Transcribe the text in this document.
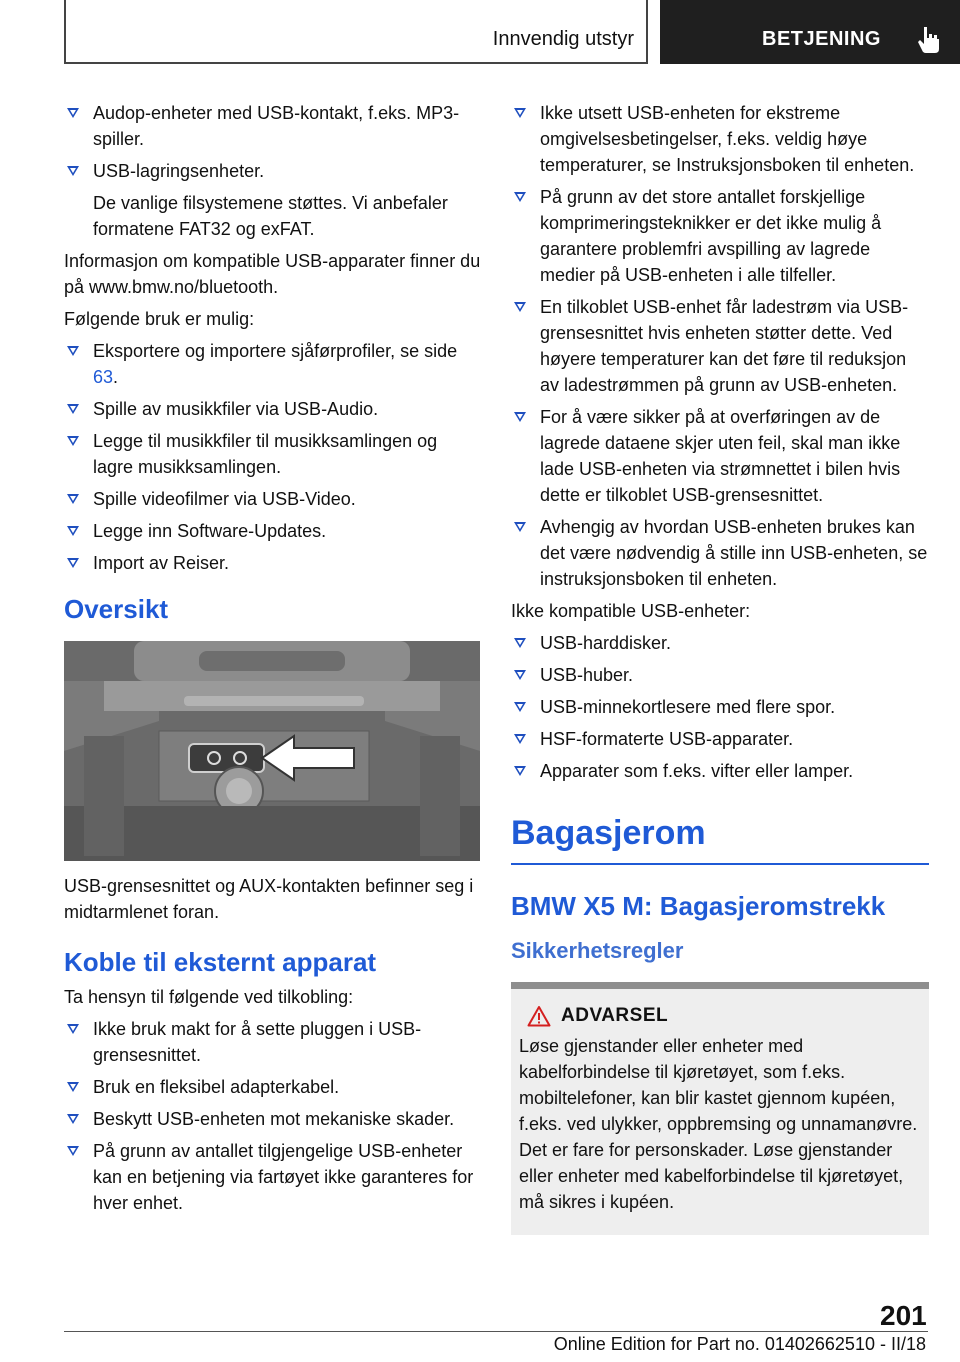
Innvendig utstyr	BETJENING
Audop-enheter med USB-kontakt, f.eks. MP3-spiller.
USB-lagringsenheter.
De vanlige filsystemene støttes. Vi anbefaler formatene FAT32 og exFAT.

Informasjon om kompatible USB-apparater finner du på www.bmw.no/bluetooth.

Følgende bruk er mulig:

Eksportere og importere sjåførprofiler, se side 63.
Spille av musikkfiler via USB-Audio.
Legge til musikkfiler til musikksamlingen og lagre musikksamlingen.
Spille videofilmer via USB-Video.
Legge inn Software-Updates.
Import av Reiser.
Oversikt

USB-grensesnittet og AUX-kontakten befinner seg i midtarmlenet foran.

Koble til eksternt apparat

Ta hensyn til følgende ved tilkobling:

Ikke bruk makt for å sette pluggen i USB-grensesnittet.
Bruk en fleksibel adapterkabel.
Beskytt USB-enheten mot mekaniske skader.
På grunn av antallet tilgjengelige USB-enheter kan en betjening via fartøyet ikke garanteres for hver enhet.
Ikke utsett USB-enheten for ekstreme omgivelsesbetingelser, f.eks. veldig høye temperaturer, se Instruksjonsboken til enheten.
På grunn av det store antallet forskjellige komprimeringsteknikker er det ikke mulig å garantere problemfri avspilling av lagrede medier på USB-enheten i alle tilfeller.
En tilkoblet USB-enhet får ladestrøm via USB-grensesnittet hvis enheten støtter dette. Ved høyere temperaturer kan det føre til reduksjon av ladestrømmen på grunn av USB-enheten.
For å være sikker på at overføringen av de lagrede dataene skjer uten feil, skal man ikke lade USB-enheten via strømnettet i bilen hvis dette er tilkoblet USB-grensesnittet.
Avhengig av hvordan USB-enheten brukes kan det være nødvendig å stille inn USB-enheten, se instruksjonsboken til enheten.

Ikke kompatible USB-enheter:

USB-harddisker.
USB-huber.
USB-minnekortlesere med flere spor.
HSF-formaterte USB-apparater.
Apparater som f.eks. vifter eller lamper.
Bagasjerom
BMW X5 M: Bagasjeromstrekk
Sikkerhetsregler
ADVARSEL
Løse gjenstander eller enheter med kabelforbindelse til kjøretøyet, som f.eks. mobiltelefoner, kan blir kastet gjennom kupéen, f.eks. ved ulykker, oppbremsing og unnamanøvre. Det er fare for personskader. Løse gjenstander eller enheter med kabelforbindelse til kjøretøyet, må sikres i kupéen.
201
Online Edition for Part no. 01402662510 - II/18
